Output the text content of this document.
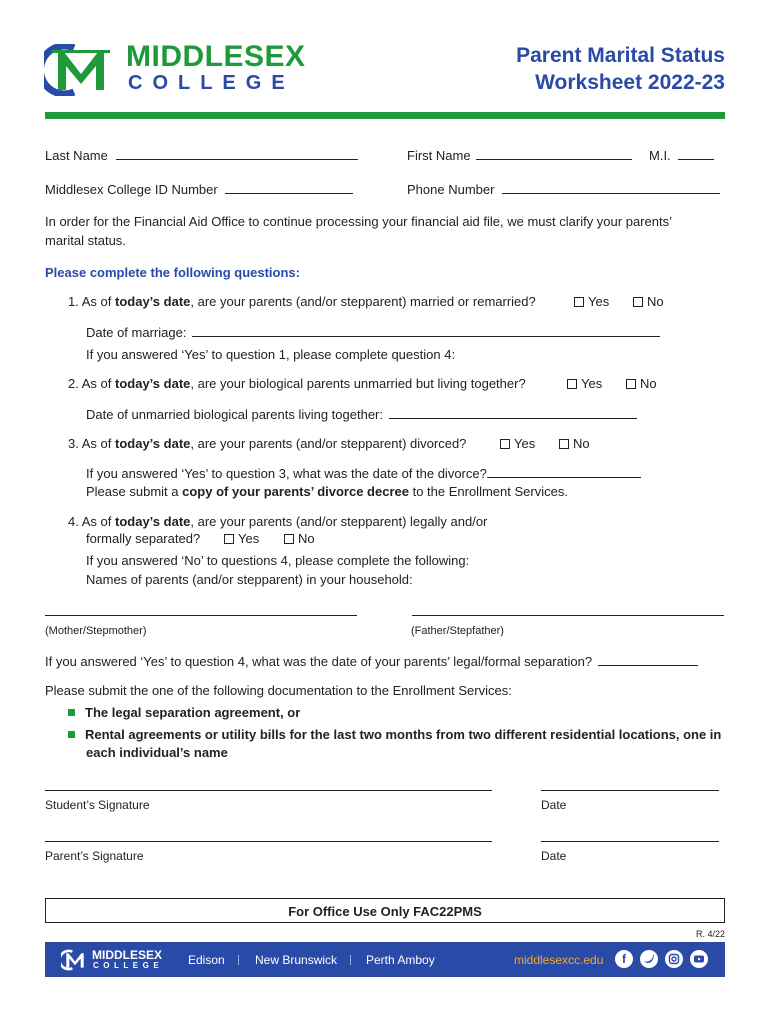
MIDDLESEX
COLLEGE
Parent Marital Status
Worksheet 2022-23
Last Name	First Name	M.I.
Middlesex College ID Number	Phone Number
In order for the Financial Aid Office to continue processing your financial aid file, we must clarify your parents’
marital status.
Please complete the following questions:
1. As of today’s date, are your parents (and/or stepparent) married or remarried?	Yes	No
Date of marriage:
If you answered ‘Yes’ to question 1, please complete question 4:
2. As of today’s date, are your biological parents unmarried but living together?	Yes	No
Date of unmarried biological parents living together:
3. As of today’s date, are your parents (and/or stepparent) divorced?	Yes	No
If you answered ‘Yes’ to question 3, what was the date of the divorce?
Please submit a copy of your parents’ divorce decree to the Enrollment Services.
4. As of today’s date, are your parents (and/or stepparent) legally and/or
formally separated?	Yes	No
If you answered ‘No’ to questions 4, please complete the following:
Names of parents (and/or stepparent) in your household:
(Mother/Stepmother)	(Father/Stepfather)
If you answered ‘Yes’ to question 4, what was the date of your parents’ legal/formal separation?
Please submit the one of the following documentation to the Enrollment Services:
The legal separation agreement, or
Rental agreements or utility bills for the last two months from two different residential locations, one in
each individual’s name
Student’s Signature	Date
Parent’s Signature	Date
For Office Use Only FAC22PMS
R. 4/22
MIDDLESEX
COLLEGE Edison	New Brunswick Perth Amboy	middlesexcc.edu	f
